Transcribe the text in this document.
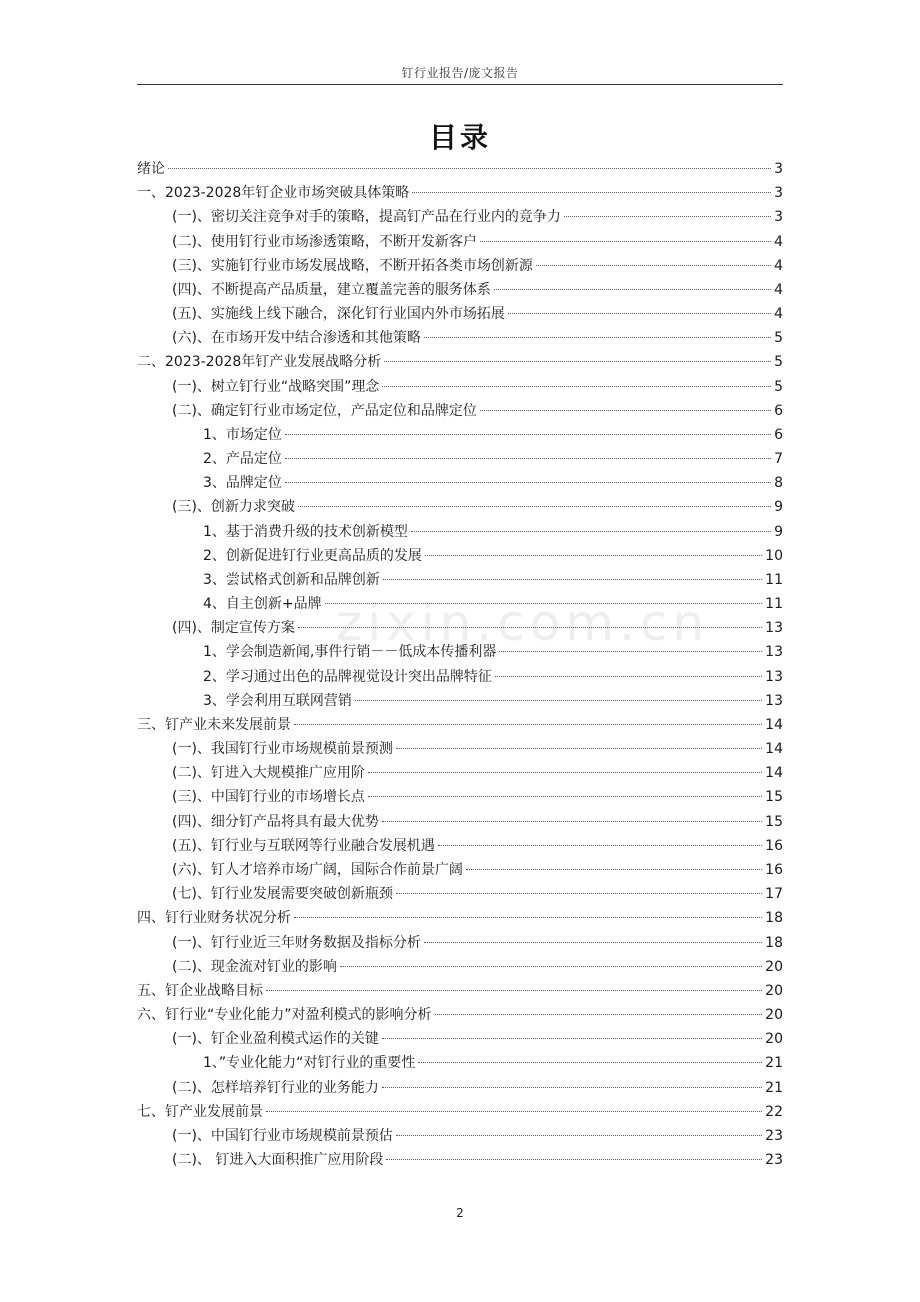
钉行业报告/庞文报告
目录
zixin.com.cn
绪论	3
一、2023-2028年钉企业市场突破具体策略	3
(一)、密切关注竞争对手的策略，提高钉产品在行业内的竞争力	3
(二)、使用钉行业市场渗透策略，不断开发新客户	4
(三)、实施钉行业市场发展战略，不断开拓各类市场创新源	4
(四)、不断提高产品质量，建立覆盖完善的服务体系	4
(五)、实施线上线下融合，深化钉行业国内外市场拓展	4
(六)、在市场开发中结合渗透和其他策略	5
二、2023-2028年钉产业发展战略分析	5
(一)、树立钉行业“战略突围”理念	5
(二)、确定钉行业市场定位，产品定位和品牌定位	6
1、市场定位	6
2、产品定位	7
3、品牌定位	8
(三)、创新力求突破	9
1、基于消费升级的技术创新模型	9
2、创新促进钉行业更高品质的发展	10
3、尝试格式创新和品牌创新	11
4、自主创新+品牌	11
(四)、制定宣传方案	13
1、学会制造新闻,事件行销－－低成本传播利器	13
2、学习通过出色的品牌视觉设计突出品牌特征	13
3、学会利用互联网营销	13
三、钉产业未来发展前景	14
(一)、我国钉行业市场规模前景预测	14
(二)、钉进入大规模推广应用阶	14
(三)、中国钉行业的市场增长点	15
(四)、细分钉产品将具有最大优势	15
(五)、钉行业与互联网等行业融合发展机遇	16
(六)、钉人才培养市场广阔，国际合作前景广阔	16
(七)、钉行业发展需要突破创新瓶颈	17
四、钉行业财务状况分析	18
(一)、钉行业近三年财务数据及指标分析	18
(二)、现金流对钉业的影响	20
五、钉企业战略目标	20
六、钉行业“专业化能力”对盈利模式的影响分析	20
(一)、钉企业盈利模式运作的关键	20
1、”专业化能力“对钉行业的重要性	21
(二)、怎样培养钉行业的业务能力	21
七、钉产业发展前景	22
(一)、中国钉行业市场规模前景预估	23
(二)、 钉进入大面积推广应用阶段	23
2
